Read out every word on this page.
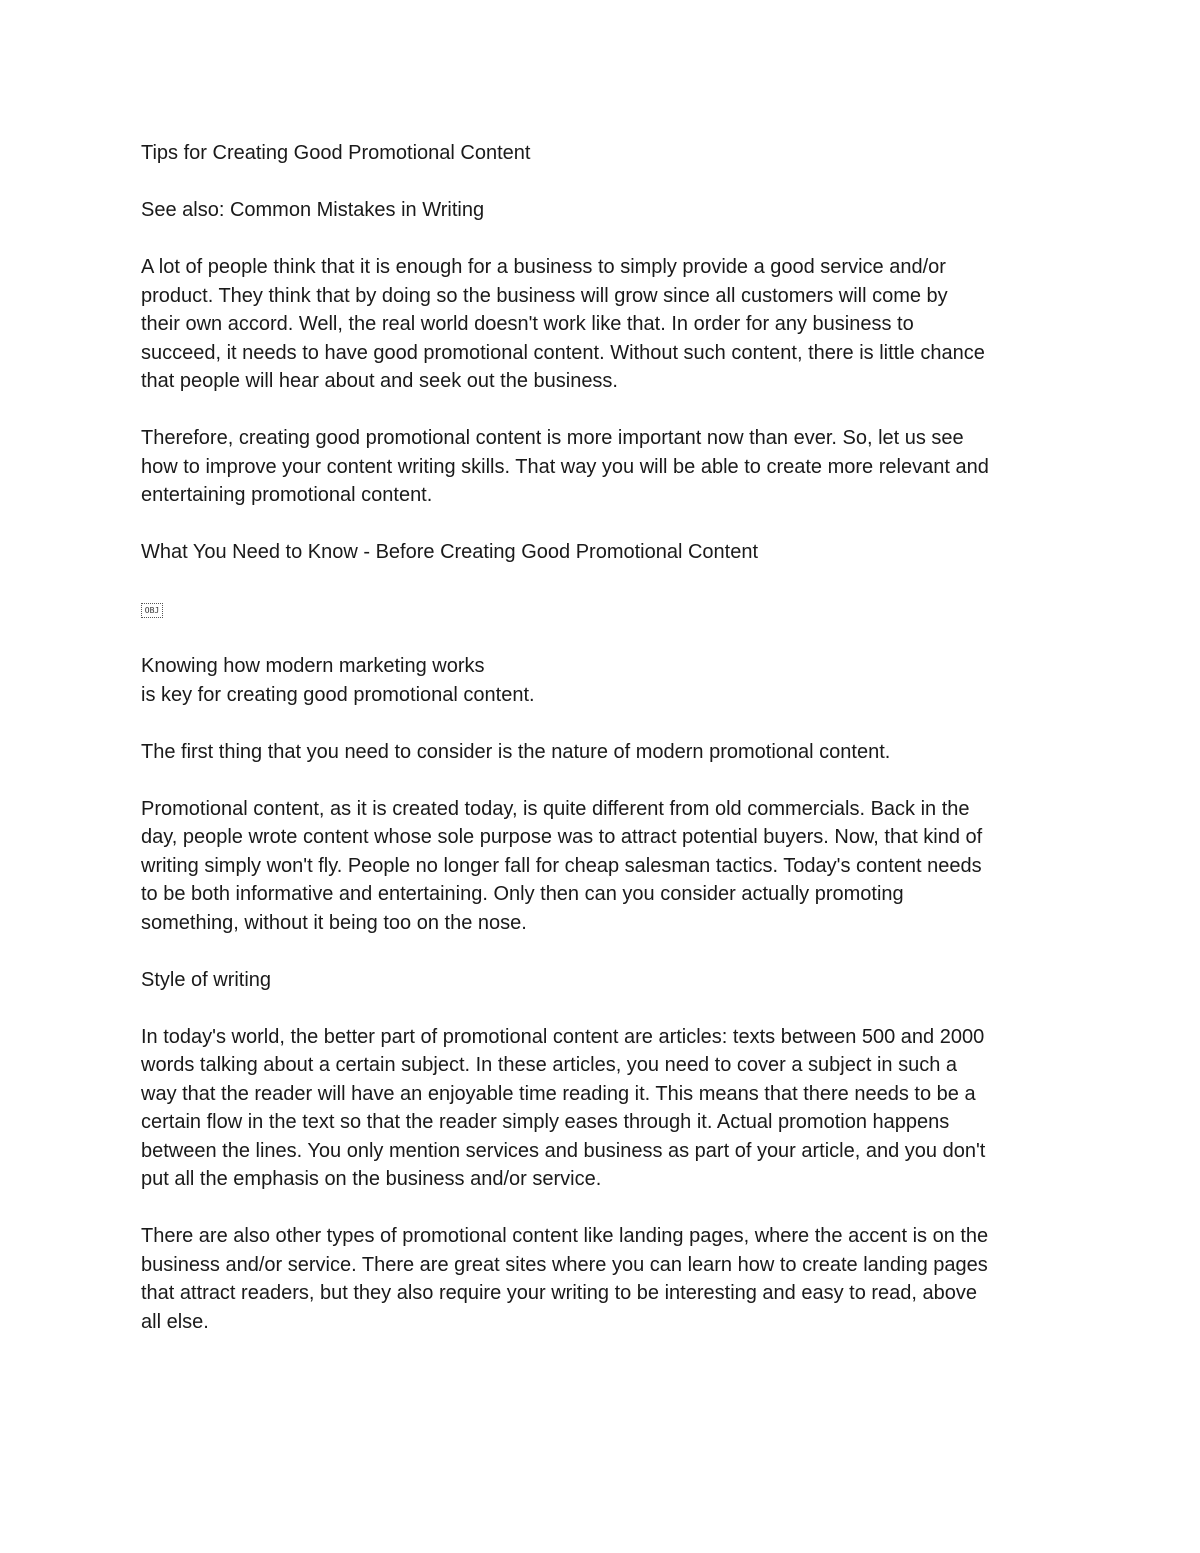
Tips for Creating Good Promotional Content

See also: Common Mistakes in Writing

A lot of people think that it is enough for a business to simply provide a good service and/or
product. They think that by doing so the business will grow since all customers will come by
their own accord. Well, the real world doesn't work like that. In order for any business to
succeed, it needs to have good promotional content. Without such content, there is little chance
that people will hear about and seek out the business.

Therefore, creating good promotional content is more important now than ever. So, let us see
how to improve your content writing skills. That way you will be able to create more relevant and
entertaining promotional content.

What You Need to Know - Before Creating Good Promotional Content

OBJ

Knowing how modern marketing works
is key for creating good promotional content.

The first thing that you need to consider is the nature of modern promotional content.

Promotional content, as it is created today, is quite different from old commercials. Back in the
day, people wrote content whose sole purpose was to attract potential buyers. Now, that kind of
writing simply won't fly. People no longer fall for cheap salesman tactics. Today's content needs
to be both informative and entertaining. Only then can you consider actually promoting
something, without it being too on the nose.

Style of writing

In today's world, the better part of promotional content are articles: texts between 500 and 2000
words talking about a certain subject. In these articles, you need to cover a subject in such a
way that the reader will have an enjoyable time reading it. This means that there needs to be a
certain flow in the text so that the reader simply eases through it. Actual promotion happens
between the lines. You only mention services and business as part of your article, and you don't
put all the emphasis on the business and/or service.

There are also other types of promotional content like landing pages, where the accent is on the
business and/or service. There are great sites where you can learn how to create landing pages
that attract readers, but they also require your writing to be interesting and easy to read, above
all else.
